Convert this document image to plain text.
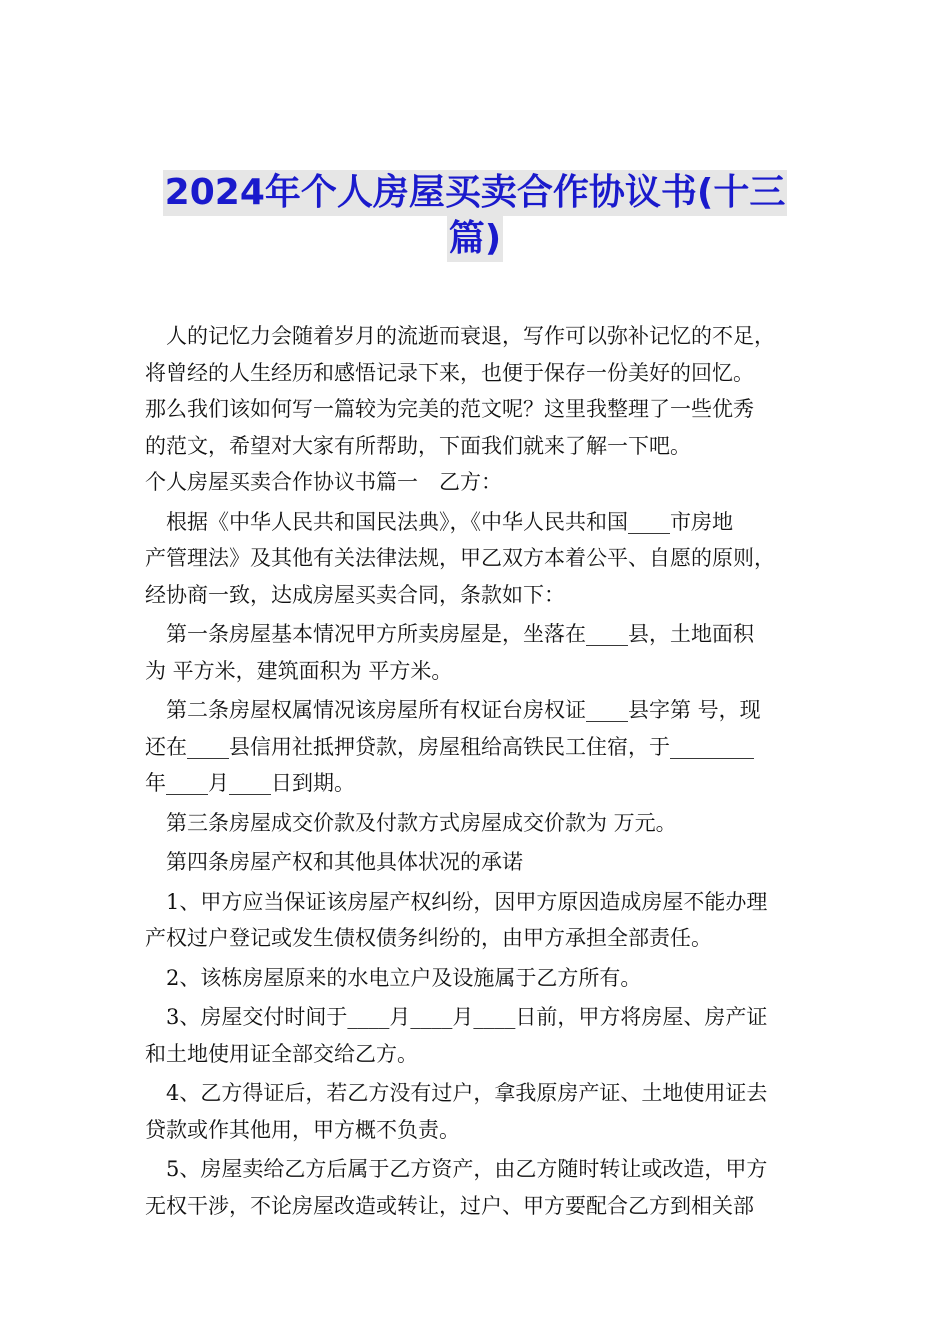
2024年个人房屋买卖合作协议书(十三
篇)

　人的记忆力会随着岁月的流逝而衰退，写作可以弥补记忆的不足，

将曾经的人生经历和感悟记录下来，也便于保存一份美好的回忆。

那么我们该如何写一篇较为完美的范文呢？这里我整理了一些优秀

的范文，希望对大家有所帮助，下面我们就来了解一下吧。

个人房屋买卖合作协议书篇一　乙方：

　根据《中华人民共和国民法典》，《中华人民共和国____市房地

产管理法》及其他有关法律法规，甲乙双方本着公平、自愿的原则，

经协商一致，达成房屋买卖合同，条款如下：

　第一条房屋基本情况甲方所卖房屋是，坐落在____县，土地面积

为 平方米，建筑面积为 平方米。

　第二条房屋权属情况该房屋所有权证台房权证____县字第 号，现

还在____县信用社抵押贷款，房屋租给高铁民工住宿，于________

年____月____日到期。

　第三条房屋成交价款及付款方式房屋成交价款为 万元。

　第四条房屋产权和其他具体状况的承诺

　1、甲方应当保证该房屋产权纠纷，因甲方原因造成房屋不能办理

产权过户登记或发生债权债务纠纷的，由甲方承担全部责任。

　2、该栋房屋原来的水电立户及设施属于乙方所有。

　3、房屋交付时间于____月____月____日前，甲方将房屋、房产证

和土地使用证全部交给乙方。

　4、乙方得证后，若乙方没有过户，拿我原房产证、土地使用证去

贷款或作其他用，甲方概不负责。

　5、房屋卖给乙方后属于乙方资产，由乙方随时转让或改造，甲方

无权干涉，不论房屋改造或转让，过户、甲方要配合乙方到相关部
